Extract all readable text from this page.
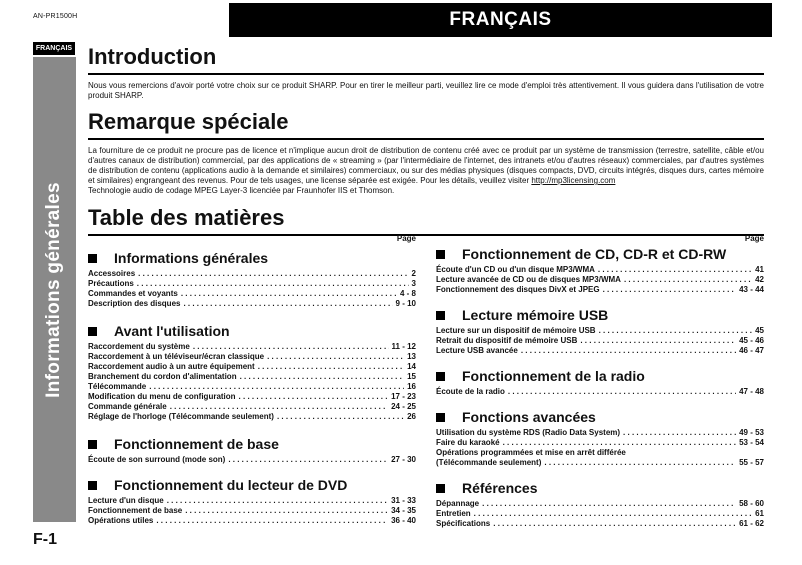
AN-PR1500H	FRANÇAIS
FRANÇAIS
Informations générales
F-1
Introduction

Nous vous remercions d'avoir porté votre choix sur ce produit SHARP. Pour en tirer le meilleur parti, veuillez lire ce mode d'emploi très attentivement. Il vous guidera dans l'utilisation de votre produit SHARP.

Remarque spéciale

La fourniture de ce produit ne procure pas de licence et n'implique aucun droit de distribution de contenu créé avec ce produit par un système de transmission (terrestre, satellite, câble et/ou d'autres canaux de distribution) commercial, par des applications de « streaming » (par l'intermédiaire de l'internet, des intranets et/ou d'autres réseaux) commerciales, par d'autres systèmes de distribution de contenu (applications audio à la demande et similaires) commerciaux, ou sur des médias physiques (disques compacts, DVD, circuits intégrés, disques durs, cartes mémoire et similaires) engrangeant des revenus. Pour de tels usages, une license séparée est exigée. Pour les détails, veuillez visiter http://mp3licensing.com

Technologie audio de codage MPEG Layer-3 licenciée par Fraunhofer IIS et Thomson.

Table des matières
Page
Informations générales
Accessoires . . .	2
Précautions . . .	3
Commandes et voyants . . .	4 - 8
Description des disques . . .	9 - 10
Avant l'utilisation
Raccordement du système . . .	11 - 12
Raccordement à un téléviseur/écran classique . . .	13
Raccordement audio à un autre équipement . . .	14
Branchement du cordon d'alimentation . . .	15
Télécommande . . .	16
Modification du menu de configuration . . .	17 - 23
Commande générale . . .	24 - 25
Réglage de l'horloge (Télécommande seulement) . . .	26
Fonctionnement de base
Écoute de son surround (mode son) . . .	27 - 30
Fonctionnement du lecteur de DVD
Lecture d'un disque . . .	31 - 33
Fonctionnement de base . . .	34 - 35
Opérations utiles . . .	36 - 40
Page
Fonctionnement de CD, CD-R et CD-RW
Écoute d'un CD ou d'un disque MP3/WMA . . .	41
Lecture avancée de CD ou de disques MP3/WMA . . .	42
Fonctionnement des disques DivX et JPEG . . .	43 - 44
Lecture mémoire USB
Lecture sur un dispositif de mémoire USB . . .	45
Retrait du dispositif de mémoire USB . . .	45 - 46
Lecture USB avancée . . .	46 - 47
Fonctionnement de la radio
Écoute de la radio . . .	47 - 48
Fonctions avancées
Utilisation du système RDS (Radio Data System) . . .	49 - 53
Faire du karaoké . . .	53 - 54
Opérations programmées et mise en arrêt différée
(Télécommande seulement) . . .	55 - 57
Références
Dépannage . . .	58 - 60
Entretien . . .	61
Spécifications . . .	61 - 62
